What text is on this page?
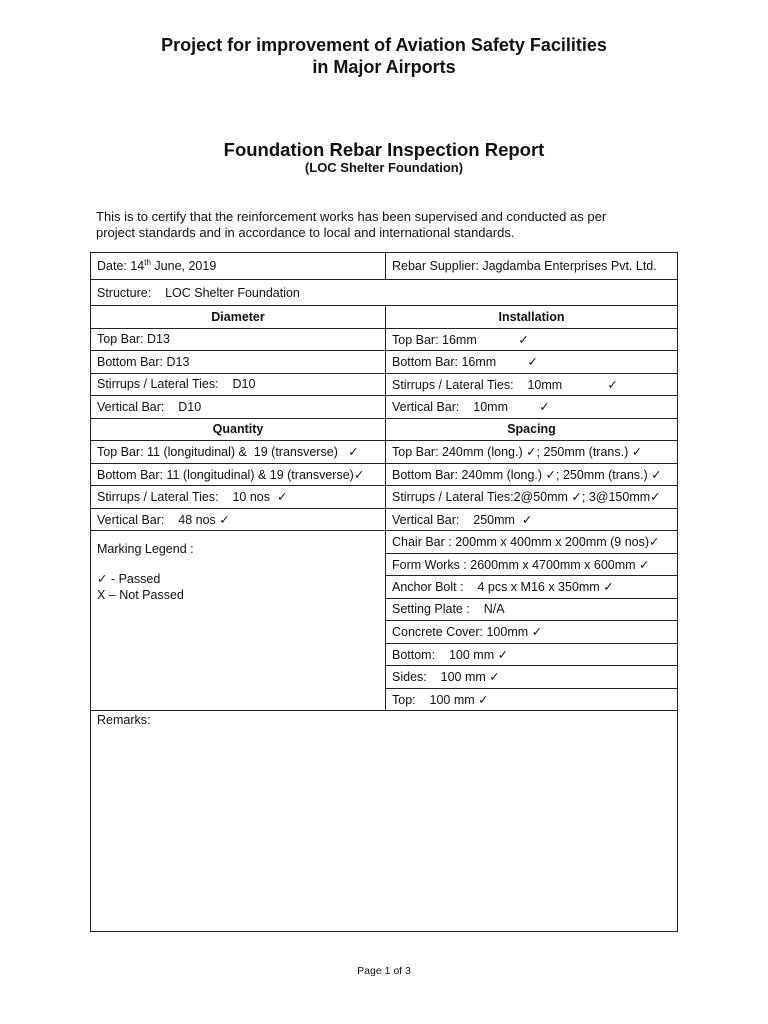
Project for improvement of Aviation Safety Facilities
in Major Airports
Foundation Rebar Inspection Report
(LOC Shelter Foundation)
This is to certify that the reinforcement works has been supervised and conducted as per
project standards and in accordance to local and international standards.
Date: 14th June, 2019	Rebar Supplier: Jagdamba Enterprises Pvt. Ltd.
Structure:    LOC Shelter Foundation	
Diameter	Installation
Top Bar: D13	Top Bar: 16mm            ✓
Bottom Bar: D13	Bottom Bar: 16mm         ✓
Stirrups / Lateral Ties:    D10	Stirrups / Lateral Ties:    10mm             ✓
Vertical Bar:    D10	Vertical Bar:    10mm         ✓
Quantity	Spacing
Top Bar: 11 (longitudinal) &  19 (transverse)   ✓	Top Bar: 240mm (long.) ✓; 250mm (trans.) ✓
Bottom Bar: 11 (longitudinal) & 19 (transverse)✓	Bottom Bar: 240mm (long.) ✓; 250mm (trans.) ✓
Stirrups / Lateral Ties:    10 nos  ✓	Stirrups / Lateral Ties:2@50mm ✓; 3@150mm✓
Vertical Bar:    48 nos ✓	Vertical Bar:    250mm  ✓

Marking Legend :
✓ - Passed
X – Not Passed	Chair Bar : 200mm x 400mm x 200mm (9 nos)✓
	Form Works : 2600mm x 4700mm x 600mm ✓
	Anchor Bolt :    4 pcs x M16 x 350mm ✓
	Setting Plate :    N/A
	Concrete Cover: 100mm ✓
	Bottom:    100 mm ✓
	Sides:    100 mm ✓
	Top:    100 mm ✓
Remarks:	
Page 1 of 3
